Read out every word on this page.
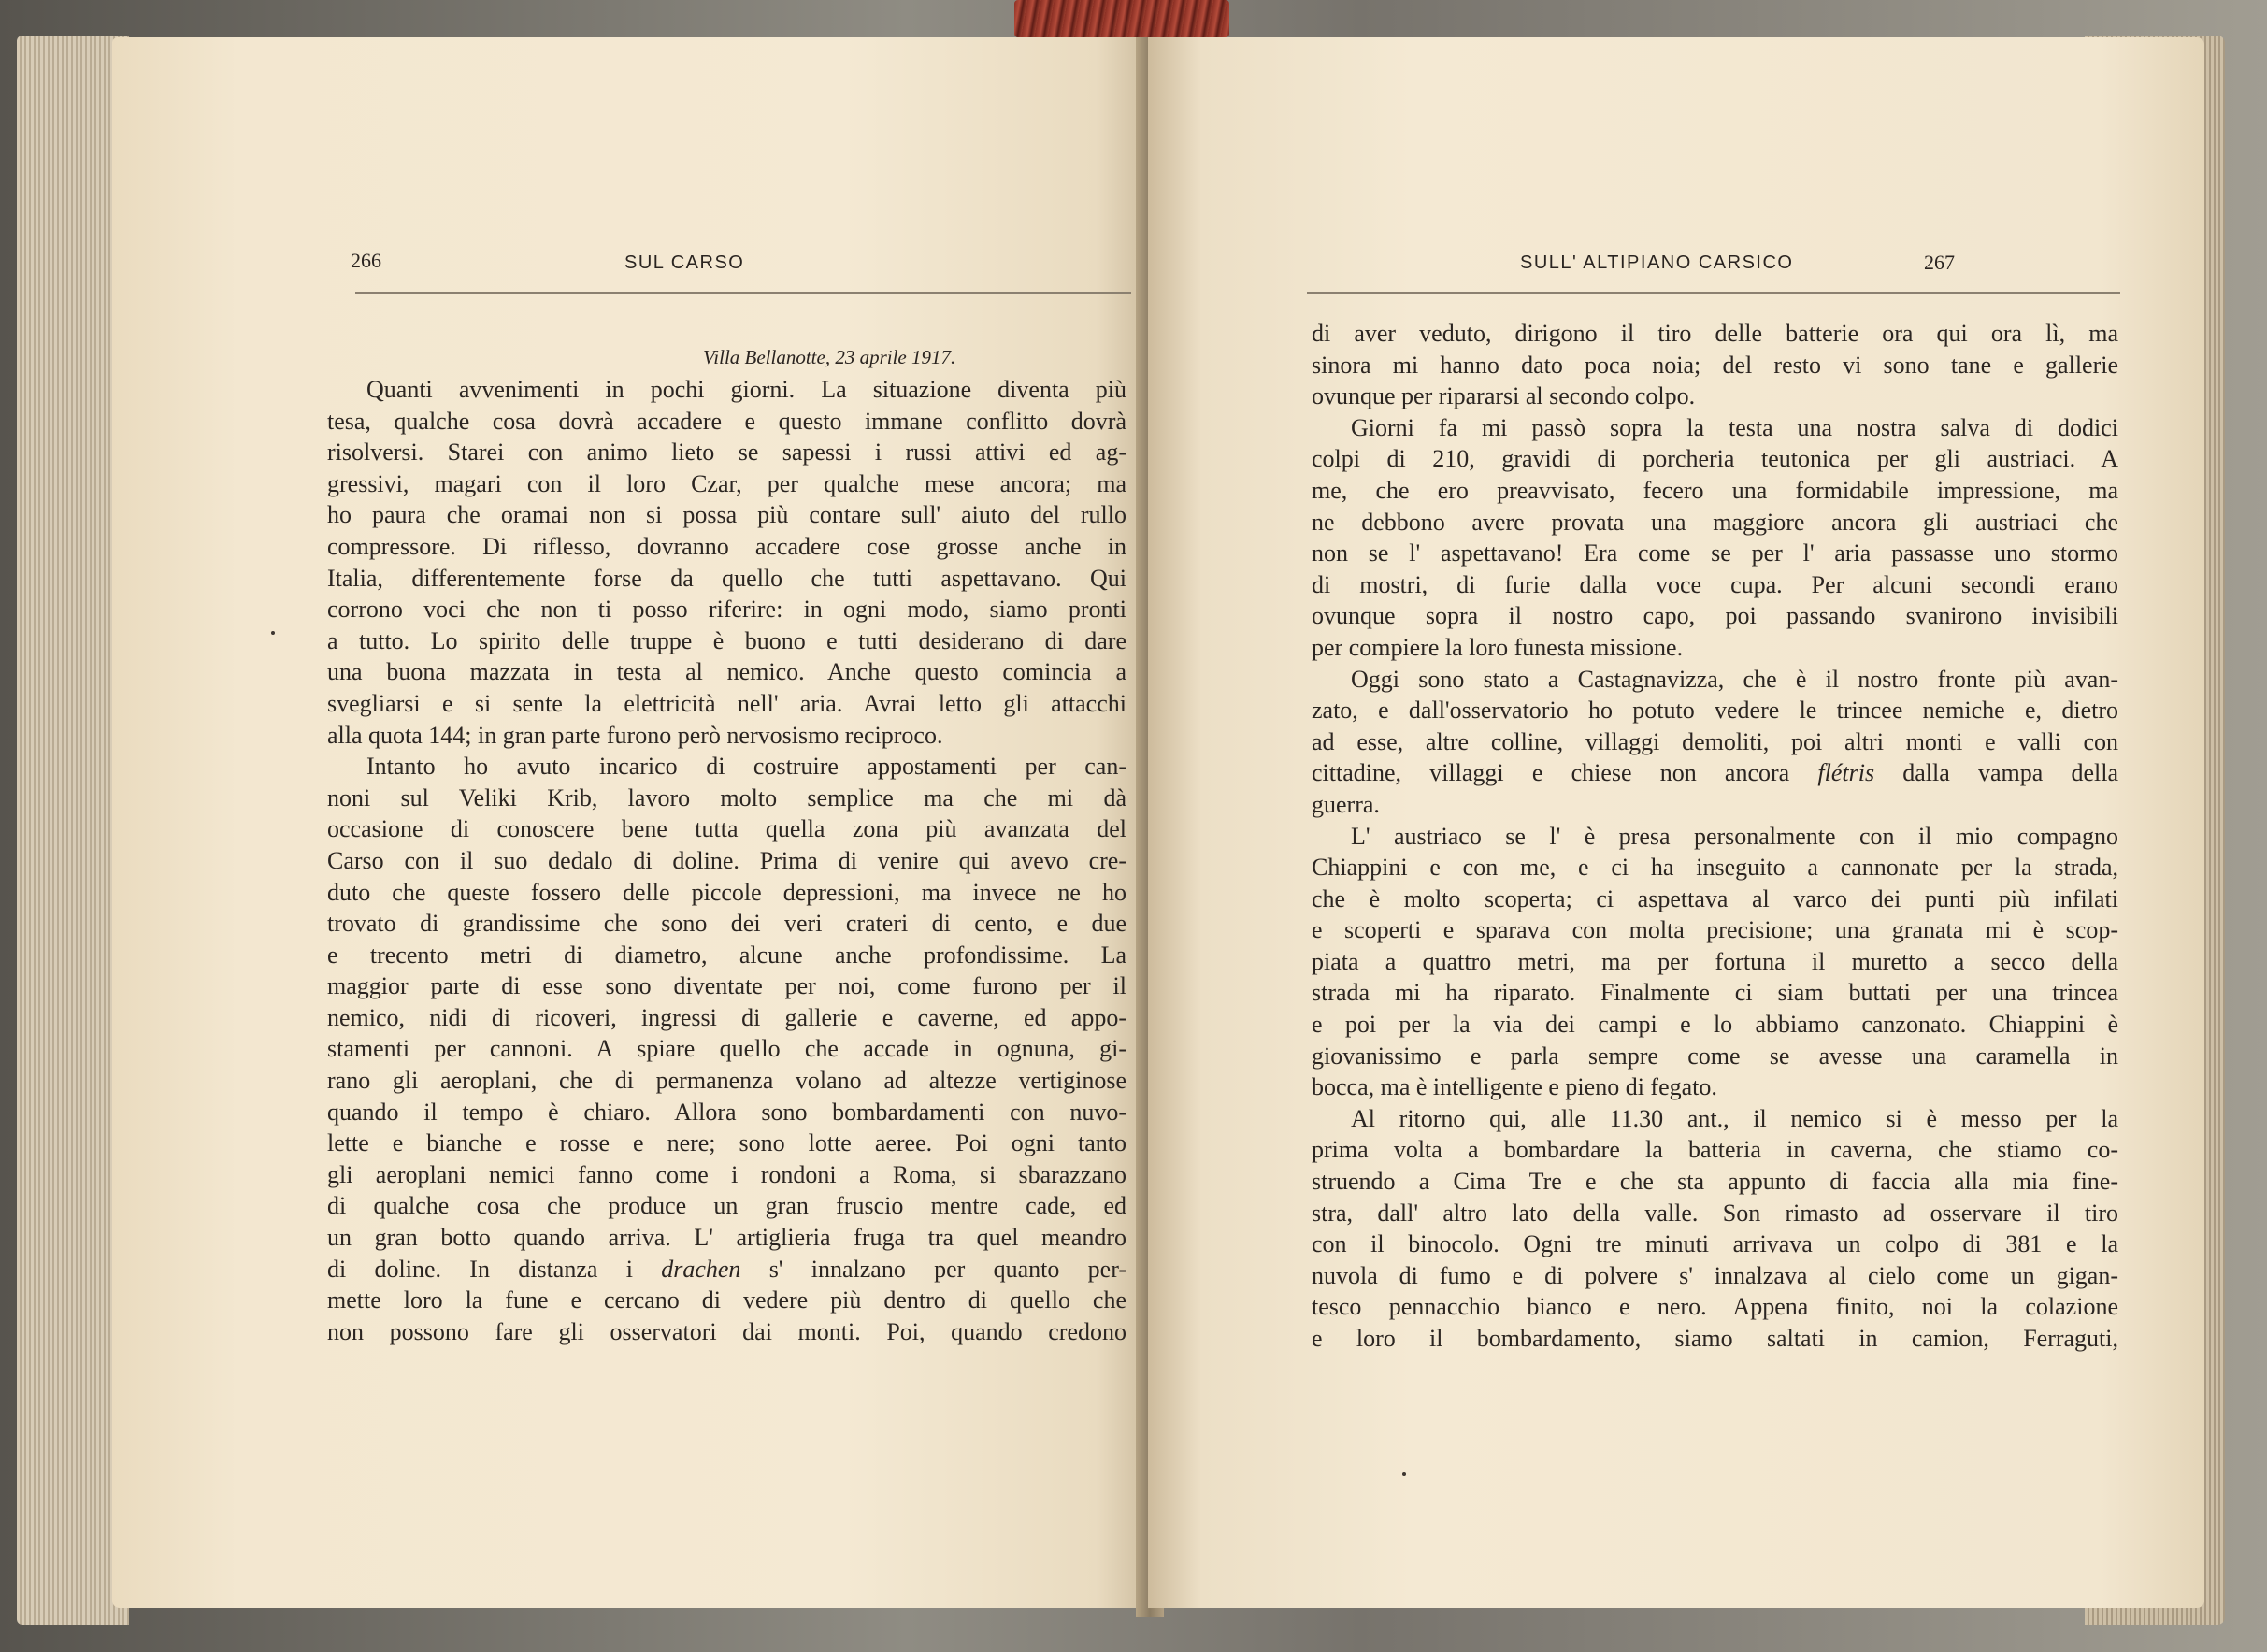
266	SUL CARSO
Villa Bellanotte, 23 aprile 1917.
Quanti avvenimenti in pochi giorni. La situazione diventa più
tesa, qualche cosa dovrà accadere e questo immane conflitto dovrà
risolversi. Starei con animo lieto se sapessi i russi attivi ed ag-
gressivi, magari con il loro Czar, per qualche mese ancora; ma
ho paura che oramai non si possa più contare sull' aiuto del rullo
compressore. Di riflesso, dovranno accadere cose grosse anche in
Italia, differentemente forse da quello che tutti aspettavano. Qui
corrono voci che non ti posso riferire: in ogni modo, siamo pronti
a tutto. Lo spirito delle truppe è buono e tutti desiderano di dare
una buona mazzata in testa al nemico. Anche questo comincia a
svegliarsi e si sente la elettricità nell' aria. Avrai letto gli attacchi
alla quota 144; in gran parte furono però nervosismo reciproco.
Intanto ho avuto incarico di costruire appostamenti per can-
noni sul Veliki Krib, lavoro molto semplice ma che mi dà
occasione di conoscere bene tutta quella zona più avanzata del
Carso con il suo dedalo di doline. Prima di venire qui avevo cre-
duto che queste fossero delle piccole depressioni, ma invece ne ho
trovato di grandissime che sono dei veri crateri di cento, e due
e trecento metri di diametro, alcune anche profondissime. La
maggior parte di esse sono diventate per noi, come furono per il
nemico, nidi di ricoveri, ingressi di gallerie e caverne, ed appo-
stamenti per cannoni. A spiare quello che accade in ognuna, gi-
rano gli aeroplani, che di permanenza volano ad altezze vertiginose
quando il tempo è chiaro. Allora sono bombardamenti con nuvo-
lette e bianche e rosse e nere; sono lotte aeree. Poi ogni tanto
gli aeroplani nemici fanno come i rondoni a Roma, si sbarazzano
di qualche cosa che produce un gran fruscio mentre cade, ed
un gran botto quando arriva. L' artiglieria fruga tra quel meandro
di doline. In distanza i drachen s' innalzano per quanto per-
mette loro la fune e cercano di vedere più dentro di quello che
non possono fare gli osservatori dai monti. Poi, quando credono
SULL' ALTIPIANO CARSICO	267
di aver veduto, dirigono il tiro delle batterie ora qui ora lì, ma
sinora mi hanno dato poca noia; del resto vi sono tane e gallerie
ovunque per ripararsi al secondo colpo.
Giorni fa mi passò sopra la testa una nostra salva di dodici
colpi di 210, gravidi di porcheria teutonica per gli austriaci. A
me, che ero preavvisato, fecero una formidabile impressione, ma
ne debbono avere provata una maggiore ancora gli austriaci che
non se l' aspettavano! Era come se per l' aria passasse uno stormo
di mostri, di furie dalla voce cupa. Per alcuni secondi erano
ovunque sopra il nostro capo, poi passando svanirono invisibili
per compiere la loro funesta missione.
Oggi sono stato a Castagnavizza, che è il nostro fronte più avan-
zato, e dall'osservatorio ho potuto vedere le trincee nemiche e, dietro
ad esse, altre colline, villaggi demoliti, poi altri monti e valli con
cittadine, villaggi e chiese non ancora flétris dalla vampa della
guerra.
L' austriaco se l' è presa personalmente con il mio compagno
Chiappini e con me, e ci ha inseguito a cannonate per la strada,
che è molto scoperta; ci aspettava al varco dei punti più infilati
e scoperti e sparava con molta precisione; una granata mi è scop-
piata a quattro metri, ma per fortuna il muretto a secco della
strada mi ha riparato. Finalmente ci siam buttati per una trincea
e poi per la via dei campi e lo abbiamo canzonato. Chiappini è
giovanissimo e parla sempre come se avesse una caramella in
bocca, ma è intelligente e pieno di fegato.
Al ritorno qui, alle 11.30 ant., il nemico si è messo per la
prima volta a bombardare la batteria in caverna, che stiamo co-
struendo a Cima Tre e che sta appunto di faccia alla mia fine-
stra, dall' altro lato della valle. Son rimasto ad osservare il tiro
con il binocolo. Ogni tre minuti arrivava un colpo di 381 e la
nuvola di fumo e di polvere s' innalzava al cielo come un gigan-
tesco pennacchio bianco e nero. Appena finito, noi la colazione
e loro il bombardamento, siamo saltati in camion, Ferraguti,
